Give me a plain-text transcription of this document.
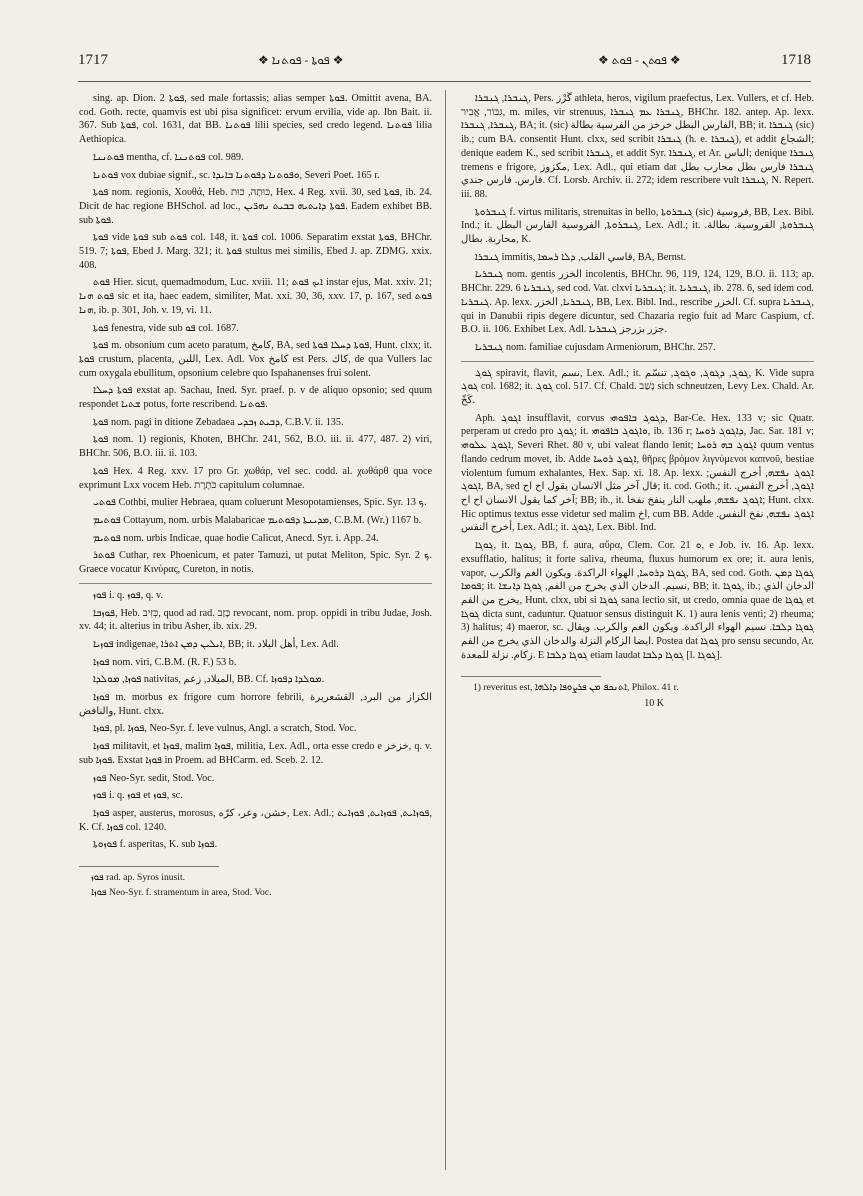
1717	❖ ܦܘܬܐ - ܦܘܬܢܐ ❖	❖ ܦܘܬܢ - ܦܘܬ ❖	1718

sing. ap. Dion. ܦܘܬܐ 2, sed male fortassis; alias semper ܦܘܬܐ. Omittit avena, BA. cod. Goth. recte, quamvis est ubi pisa significet: ervum ervilia, vide ap. Ibn Bait. ii. 367. Sub ܦܘܬܐ, col. 1631, dat BB. ܦܘܬܢܐ lilii species, sed credo legend. ܦܘܬܢܐ lilia Aethiopica.

ܦܘܬܢܢܐ mentha, cf. ܦܘܬܢܢܐ col. 989.

ܦܘܬܢܐ vox dubiae signif., sc. ܘܦܘܬܢܐ ܕܦܘܬܢܐ ܒܐܝܕܐ, Severi Poet. 165 r.

ܦܘܬܐ nom. regionis, Χουθά, Heb. כּוּתָה, כּוּת, Hex. 4 Reg. xvii. 30, sed ܦܘܬܐ, ib. 24. Dicit de hac regione BHSchol. ad loc., ܦܘܬܐ ܕܐܝܬܝܗ ܒܒܝܬ ܢܗܪ̈ܝܢ. Eadem exhibet BB. sub ܦܘܬܐ.

ܦܘܬܐ vide ܦܘܬܐ sub ܦܘܬ col. 148, it. ܦܘܬܐ col. 1006. Separatim exstat ܦܘܬܐ, BHChr. 519. 7; ܦܘܬܐ, Ebed J. Marg. 321; it. ܦܘܬܐ stultus mei similis, Ebed J. ap. ZDMG. xxix. 408.

ܦܘܬ Hier. sicut, quemadmodum, Luc. xviii. 11; ܐܝܟ ܦܘܬ instar ejus, Mat. xxiv. 21; ܦܘܬ ܗܢܐ sic et ita, haec eadem, similiter, Mat. xxi. 30, 36, xxv. 17, p. 167, sed ܦܘܬ ܗܢܐ, ib. p. 301, Joh. v. 19, vi. 11.

ܦܘܬܐ fenestra, vide sub ܦܘ col. 1687.

ܦܘܬܐ m. obsonium cum aceto paratum, كامخ, BA, sed ܦܘܬܐ ܕܚܠܐ ܦܘܬܐ, Hunt. clxx; it. ܦܘܬܐ crustum, placenta, اللبن, Lex. Adl. Vox كامخ est Pers. كاك, de qua Vullers lac cum oxygala ebullitum, opsonium celebre quo Ispahanenses frui solent.

ܦܘܬܐ ܕܚܠܐ exstat ap. Sachau, Ined. Syr. praef. p. v de aliquo opsonio; sed quum respondet ܫܬܝܐ potus, forte rescribend. ܦܘܬܢܐ.

ܦܘܬܐ nom. pagi in ditione Zebadaea ܕܒܝܬ ܙܒܕܝ, C.B.V. ii. 135.

ܦܘܬܐ nom. 1) regionis, Khoten, BHChr. 241, 562, B.O. iii. ii. 477, 487. 2) viri, BHChr. 506, B.O. iii. ii. 103.

ܦܘܬܐ Hex. 4 Reg. xxv. 17 pro Gr. χωθάρ, vel sec. codd. al. χωθάρθ qua voce exprimunt Lxx vocem Heb. כֹּתֶרֶת capitulum columnae.

ܦܘܬܝ Cothbi, mulier Hebraea, quam coluerunt Mesopotamienses, Spic. Syr. ܟ 13.

ܦܘܬܝܡ Cottayum, nom. urbis Malabaricae ܡܕܝܢܬܐ ܕܦܘܬܝܡ, C.B.M. (Wr.) 1167 b.

ܦܘܬܝܡ nom. urbis Indicae, quae hodie Calicut, Anecd. Syr. i. App. 24.

ܦܘܬܪ Cuthar, rex Phoenicum, et pater Tamuzi, ut putat Meliton, Spic. Syr. ܟ 2. Graece vocatur Κινύρας, Cureton, in notis.

ܦܘܙ i. q. ܦܘܙ, q. v.

ܦܘܙܒܐ, Heb. כְּזִיב, quod ad rad. כָּזַב revocant, nom. prop. oppidi in tribu Judae, Josh. xv. 44; it. alterius in tribu Asher, ib. xix. 29.

ܦܘܙܝܐ indigenae, ܐܝܠܝܢ ܕܡܢ ܐܬܪܐ, BB; it. أهل البلاد, Lex. Adl.

ܦܘܙܐ nom. viri, C.B.M. (R. F.) 53 b.

ܦܘܙܐ, ܡܘܠܕܐ nativitas, الميلاد, زعم, BB. Cf. ܡܘܠܕܐ ܕܦܘܙܐ.

ܦܘܙܐ m. morbus ex frigore cum horrore febrili, الكزاز من البرد, القشعريرة والنافض, Hunt. clxx.

ܦܘܙܐ, pl. ܦܘܙܐ, Neo-Syr. f. leve vulnus, Angl. a scratch, Stod. Voc.

ܦܘܙܐ militavit, et ܦܘܙܐ, malim ܦܘܙܐ, militia, Lex. Adl., orta esse credo e خزخز, q. v. sub ܦܘܙܐ. Exstat ܦܘܙܐ in Proem. ad BHCarm. ed. Sceb. 2. 12.

ܦܘܙ Neo-Syr. sedit, Stod. Voc.

ܦܘܙ i. q. ܦܘܙ et ܦܘܙ, sc.

ܦܘܙܐ asper, austerus, morosus, خشن، وعر، كرّه, Lex. Adl.; ܦܘܙܐܝܬ, ܦܘܙܐܝܬ, ܦܘܙܐܝܬ, K. Cf. ܦܘܙܐ col. 1240.

ܦܘܙܘܬܐ f. asperitas, K. sub ܦܘܙܐ.

ܦܘܙ rad. ap. Syros inusit.

ܦܘܙܐ Neo-Syr. f. stramentum in area, Stod. Voc.

ܓܢܒܪܐ, ܓܢܒܪܐ, Pers. گُرْز athleta, heros, vigilum praefectus, Lex. Vullers, et cf. Heb. גִּבּוֹר, אֲבִיר, m. miles, vir strenuus, ܓܢܒܪܐ ܥܡ ܓܢܒܪܐ, BHChr. 182. antep. Ap. lexx. ܓܢܒܪܐ, ܓܢܒܪܐ, BA; it. (sic) الفارس البطل خرخز من الفرسية بطالة, BB; it. ܓܢܒܪܐ (sic) ib.; cum BA. consentit Hunt. clxx, sed scribit ܓܢܒܪܐ (h. e. ܓܢܒܪܐ), et addit الشجاع; denique eadem K., sed scribit ܓܢܒܪܐ, et addit Syr. ܓܢܒܪܐ, et Ar. الباس; denique ܓܢܒܪܐ tremens e frigore, مكزوز, Lex. Adl., qui etiam dat ܓܢܒܪܐ فارس بطل محارب بطل فارس. فارس جندي. Cf. Lorsb. Archiv. ii. 272; idem rescribere vult ܓܢܒܪܐ, N. Repert. iii. 88.

ܓܢܒܪܘܬܐ f. virtus militaris, strenuitas in bello, ܓܢܒܪܘܬܐ (sic) فروسية, BB, Lex. Bibl. Ind.; it. ܓܢܒܪܘܬܐ, الفروسية الفارس البطل, Lex. Adl.; it. ܓܢܒܪܘܬܐ, الفروسية. بطالة. محاربة. بطال, K.

ܓܢܒܪܐ immitis, قاسي القلب, ܕܠܐ ܪܚܡܐ, BA, Bernst.

ܓܢܒܪܝܐ nom. gentis الخزر incolentis, BHChr. 96, 119, 124, 129, B.O. ii. 113; ap. BHChr. 229. 6 ܓܢܒܪܝܐ, sed cod. Vat. clxvi ܓܢܒܪܝܐ; it. ܓܢܒܪܝܐ, ib. 278. 6, sed idem cod. ܓܢܒܪܝܐ. Ap. lexx. ܓܢܒܪܝܐ, الخزر, BB, Lex. Bibl. Ind., rescribe الخزر. Cf. supra ܓܢܒܪܝܐ, qui in Danubii ripis degere dicuntur, sed Chazaria regio fuit ad Marc Caspium, cf. B.O. ii. 106. Exhibet Lex. Adl. جزر بزرجز ܓܢܒܪܝܐ.

ܓܢܒܪܝܐ nom. familiae cujusdam Armeniorum, BHChr. 257.

ܓܘܓ spiravit, flavit, نسم, Lex. Adl.; it. ܓܘܓ, ܕܓܘܓ, ܘܓܘܓ, تنسّم, K. Vide supra ܓܘܓ col. 1682; it. ܓܘܓ col. 517. Cf. Chald. נְשַׁב sich schneutzen, Levy Lex. Chald. Ar. كَخّ.

Aph. ܐܓܘܓ insufflavit, corvus ܕܓܘܓ ܒܐܦܘܗܝ, Bar-Ce. Hex. 133 v; sic Quatr. perperam ut credo pro ܓܘܓ; it. ܘܐܓܘܓ ܒܐܦܘܗܝ, ib. 136 r; ܕܐܓܘܓ ܪܘܚܐ, Jac. Sar. 181 v; ܐܓܘܓ ܥܠܘܗܝ, Severi Rhet. 80 v, ubi valeat flando lenit; ܐܓܘܓ ܒܗ ܪܘܚܐ quum ventus flando cedrum movet, ib. Adde ܐܓܘܓ ܪܘܚܐ, θῆρες βρόμον λιγνύμενοι καπνοῦ, bestiae violentum fumum exhalantes, Hex. Sap. xi. 18. Ap. lexx. ܐܓܘܓ ܢܦܫܗ, أخرج النفس; ܐܓܘܓ, BA, sed قال آخر مثل الانسان يقول اح اح; it. cod. Goth.; it. ܐܓܘܓ, أخرج النفس. آخر كما يقول الانسان اح اح; BB; ib., it. ܐܓܘܓ ܢܦܫܗ, ملهب النار ينفخ نفخا; Hunt. clxx. Hic optimus textus esse videtur sed malim اخ, cum BB. Adde ܐܓܘܓ ܢܦܫܗ, نفخ النفس. أخرج النفس, Lex. Adl.; it. ܐܓܘܓ, Lex. Bibl. Ind.

ܓܘܓܐ, it. ܓܘܓܐ, BB, f. aura, αὔρα, Clem. Cor. ܘ 21, e Job. iv. 16. Ap. lexx. exsufflatio, halitus; it forte saliva, rheuma, fluxus humorum ex ore; it. aura lenis, vapor, ܓܘܓܐ ܕܪܘܚܐ, الهواء الراكدة. ويكون الغم والكرب, BA, sed cod. Goth. ܓܘܓܐ ܕܡܢ ܦܘܡܐ; it. نسيم. الدخان الذي يخرج من الفم, ܓܘܓܐ ܕܐܢܫܐ, BB; it. ܓܘܓܐ, ib.; الدخان الذي يخرج من الفم, Hunt. clxx, ubi si ܓܘܓܐ sana lectio sit, ut credo, omnia quae de ܓܘܓܐ et ܓܘܓܐ dicta sunt, caduntur. Quatuor sensus distinguit K. 1) aura lenis venti; 2) rheuma; 3) halitus; 4) maeror, sc. ܓܘܓܐ ܕܠܒܐ. نسيم الهواء الراكدة. ويكون الغم والكرب. ويقال ايضا الزكام النزلة والدخان الذي يخرج من الفم. Postea dat ܓܘܓܐ pro sensu secundo, Ar. زكام. نزلة للمعدة. E ܓܘܓܐ ܕܠܒܐ etiam laudat ܓܘܓܐ ܕܠܒܐ [l. ܓܘܓܐ].

1) reveritus est, ܐܬܢܟܦ ܡܢ ܦܪܨܘܦܐ ܕܐܠܗܐ, Philox. 41 r.

10 K
